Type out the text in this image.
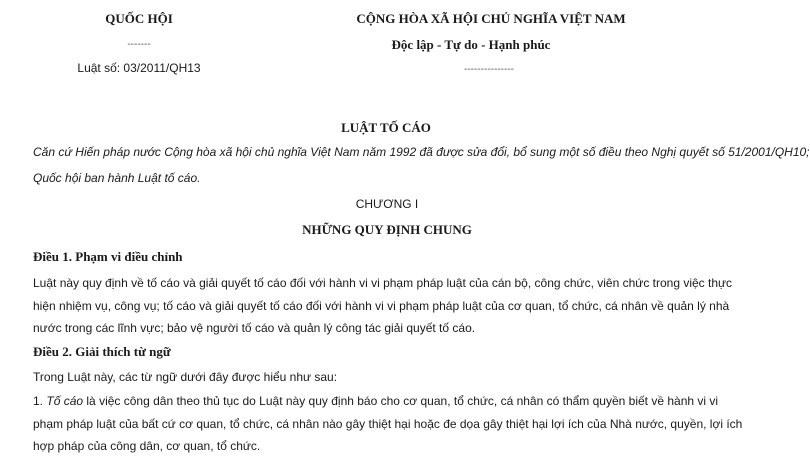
QUỐC HỘI
-------
Luật số: 03/2011/QH13
CỘNG HÒA XÃ HỘI CHỦ NGHĨA VIỆT NAM
Độc lập - Tự do - Hạnh phúc
---------------
LUẬT TỐ CÁO
Căn cứ Hiến pháp nước Cộng hòa xã hội chủ nghĩa Việt Nam năm 1992 đã được sửa đổi, bổ sung một số điều theo Nghị quyết số 51/2001/QH10;
Quốc hội ban hành Luật tố cáo.
CHƯƠNG I
NHỮNG QUY ĐỊNH CHUNG
Điều 1. Phạm vi điều chỉnh
Luật này quy định về tố cáo và giải quyết tố cáo đối với hành vi vi phạm pháp luật của cán bộ, công chức, viên chức trong việc thực hiện nhiệm vụ, công vụ; tố cáo và giải quyết tố cáo đối với hành vi vi phạm pháp luật của cơ quan, tổ chức, cá nhân về quản lý nhà nước trong các lĩnh vực; bảo vệ người tố cáo và quản lý công tác giải quyết tố cáo.
Điều 2. Giải thích từ ngữ
Trong Luật này, các từ ngữ dưới đây được hiểu như sau:
1. Tố cáo là việc công dân theo thủ tục do Luật này quy định báo cho cơ quan, tổ chức, cá nhân có thẩm quyền biết về hành vi vi phạm pháp luật của bất cứ cơ quan, tổ chức, cá nhân nào gây thiệt hại hoặc đe dọa gây thiệt hại lợi ích của Nhà nước, quyền, lợi ích hợp pháp của công dân, cơ quan, tổ chức.
